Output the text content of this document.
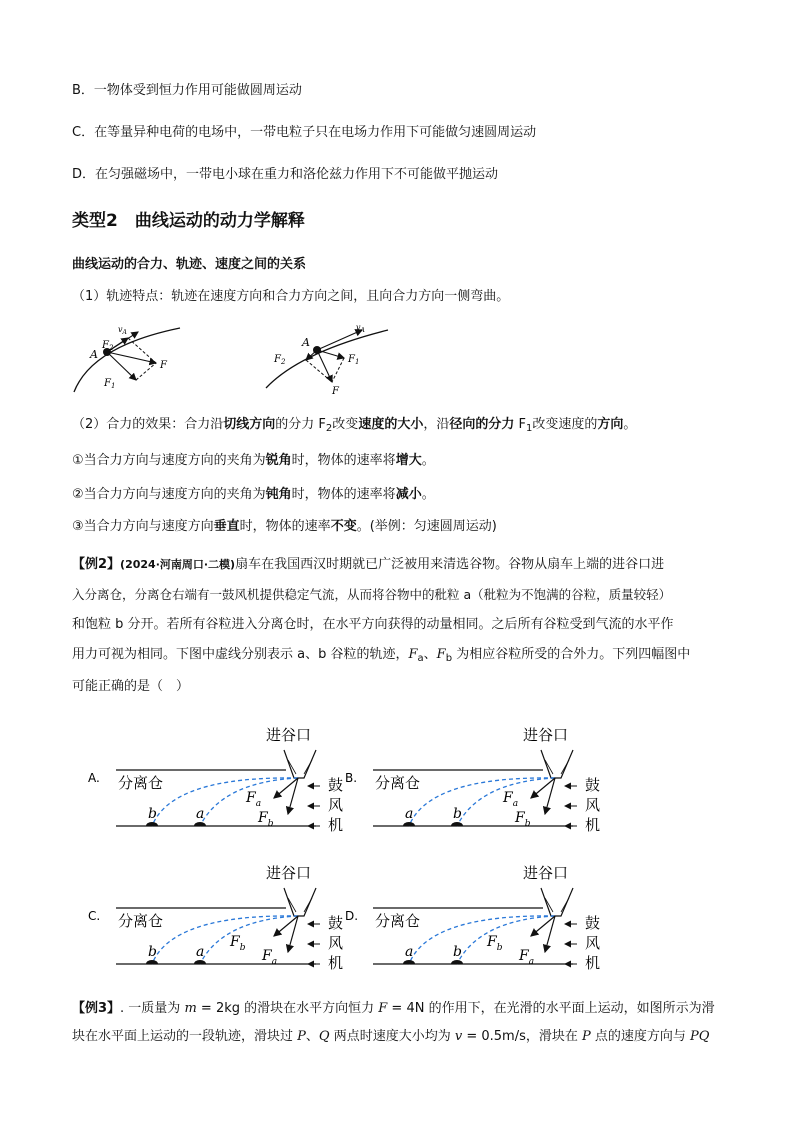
B．一物体受到恒力作用可能做圆周运动
C．在等量异种电荷的电场中，一带电粒子只在电场力作用下可能做匀速圆周运动
D．在匀强磁场中，一带电小球在重力和洛伦兹力作用下不可能做平抛运动
类型2　曲线运动的动力学解释
曲线运动的合力、轨迹、速度之间的关系
（1）轨迹特点：轨迹在速度方向和合力方向之间，且向合力方向一侧弯曲。
$v_A$
A
$F_2$
F
$F_1$
$v_A$
A
$F_2$	$F_1$
F
（2）合力的效果：合力沿切线方向的分力 $F_2$改变速度的大小，沿径向的分力 $F_1$改变速度的方向。
①当合力方向与速度方向的夹角为锐角时，物体的速率将增大。
②当合力方向与速度方向的夹角为钝角时，物体的速率将减小。
③当合力方向与速度方向垂直时，物体的速率不变。(举例：匀速圆周运动)
【例2】(2024·河南周口·二模)扇车在我国西汉时期就已广泛被用来清选谷物。谷物从扇车上端的进谷口进
入分离仓，分离仓右端有一鼓风机提供稳定气流，从而将谷物中的秕粒 a（秕粒为不饱满的谷粒，质量较轻）
和饱粒 b 分开。若所有谷粒进入分离仓时，在水平方向获得的动量相同。之后所有谷粒受到气流的水平作
用力可视为相同。下图中虚线分别表示 a、b 谷粒的轨迹，$F_a$、$F_b$ 为相应谷粒所受的合外力。下列四幅图中
可能正确的是（　）
A.
进谷口
分离仓	鼓
风
机
b	a
$F_a$
$F_b$
B.
进谷口
分离仓	鼓
风
机
a	b
$F_a$
$F_b$
C.
进谷口
分离仓	鼓
风
机
b	a
$F_b$ $F_a$
D.
进谷口
分离仓	鼓
风
机
a	b
$F_b$ $F_a$
【例3】. 一质量为 m = 2kg 的滑块在水平方向恒力 F = 4N 的作用下，在光滑的水平面上运动，如图所示为滑
块在水平面上运动的一段轨迹，滑块过 P、Q 两点时速度大小均为 v = 0.5m/s，滑块在 P 点的速度方向与 PQ
